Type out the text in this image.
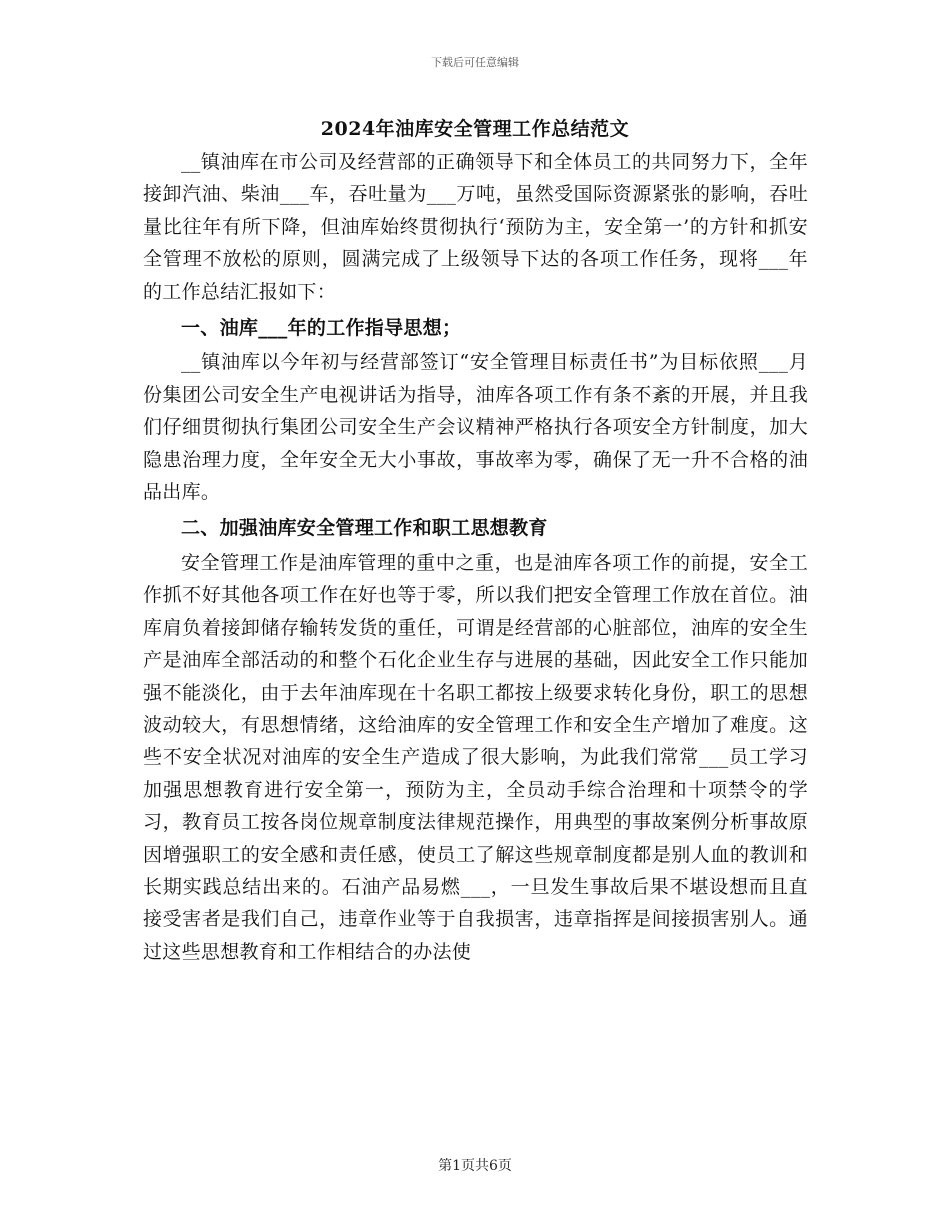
下载后可任意编辑
2024年油库安全管理工作总结范文

__镇油库在市公司及经营部的正确领导下和全体员工的共同努力下，全年接卸汽油、柴油___车，吞吐量为___万吨，虽然受国际资源紧张的影响，吞吐量比往年有所下降，但油库始终贯彻执行‘预防为主，安全第一’的方针和抓安全管理不放松的原则，圆满完成了上级领导下达的各项工作任务，现将___年的工作总结汇报如下：

一、油库___年的工作指导思想；

__镇油库以今年初与经营部签订“安全管理目标责任书”为目标依照___月份集团公司安全生产电视讲话为指导，油库各项工作有条不紊的开展，并且我们仔细贯彻执行集团公司安全生产会议精神严格执行各项安全方针制度，加大隐患治理力度，全年安全无大小事故，事故率为零，确保了无一升不合格的油品出库。

二、加强油库安全管理工作和职工思想教育

安全管理工作是油库管理的重中之重，也是油库各项工作的前提，安全工作抓不好其他各项工作在好也等于零，所以我们把安全管理工作放在首位。油库肩负着接卸储存输转发货的重任，可谓是经营部的心脏部位，油库的安全生产是油库全部活动的和整个石化企业生存与进展的基础，因此安全工作只能加强不能淡化，由于去年油库现在十名职工都按上级要求转化身份，职工的思想波动较大，有思想情绪，这给油库的安全管理工作和安全生产增加了难度。这些不安全状况对油库的安全生产造成了很大影响，为此我们常常___员工学习加强思想教育进行安全第一，预防为主，全员动手综合治理和十项禁令的学习，教育员工按各岗位规章制度法律规范操作，用典型的事故案例分析事故原因增强职工的安全感和责任感，使员工了解这些规章制度都是别人血的教训和长期实践总结出来的。石油产品易燃___，一旦发生事故后果不堪设想而且直接受害者是我们自己，违章作业等于自我损害，违章指挥是间接损害别人。通过这些思想教育和工作相结合的办法使

第1页共6页
